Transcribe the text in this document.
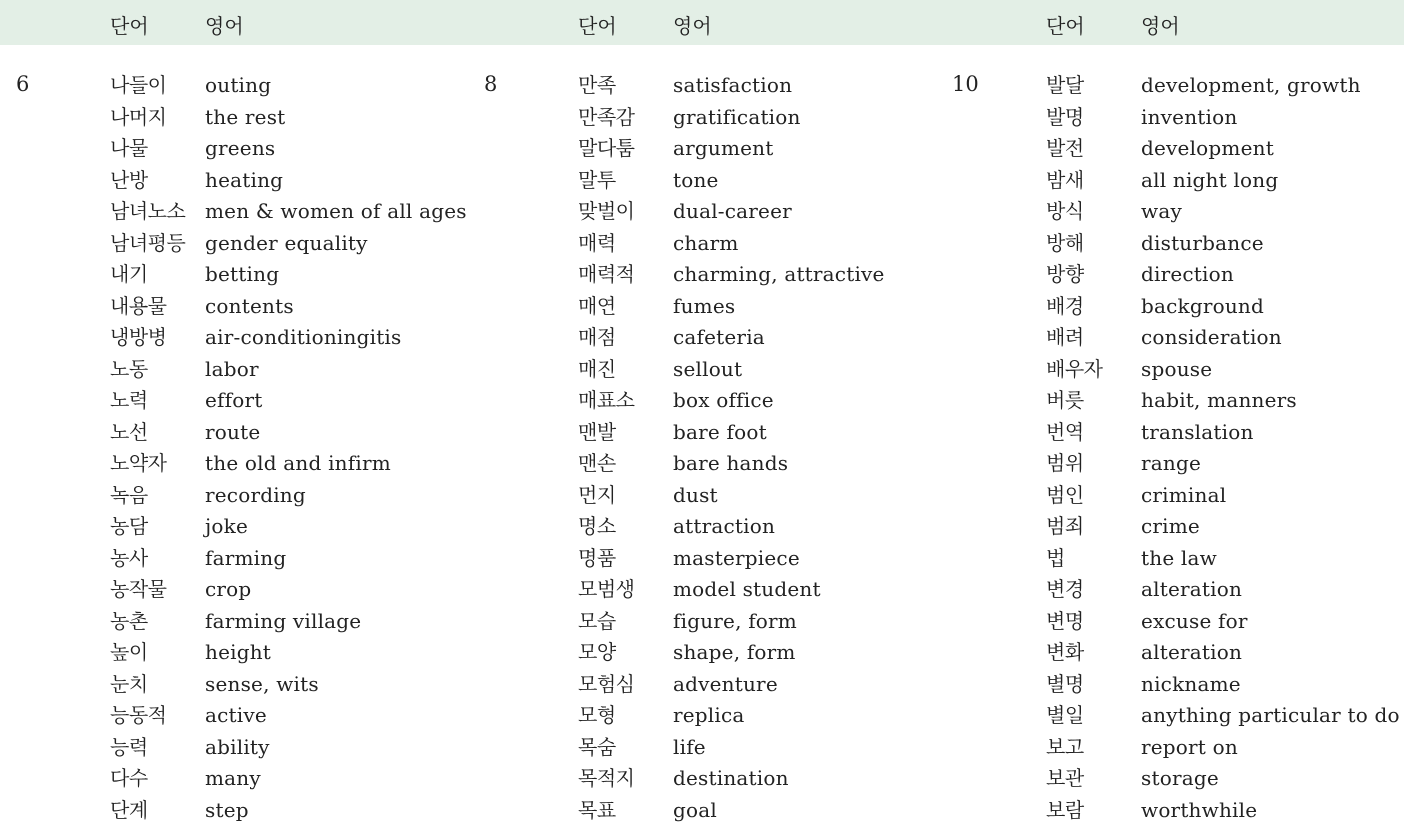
단어	영어
6	나들이 outing
나머지 the rest
나물	greens
난방	heating
남녀노소 men & women of all ages
남녀평등 gender equality
내기	betting
내용물 contents
냉방병 air-conditioningitis
노동	labor
노력	effort
노선	route
노약자 the old and infirm
녹음	recording
농담	joke
농사	farming
농작물 crop
농촌	farming village
높이	height
눈치	sense, wits
능동적 active
능력	ability
다수	many
단계	step
단어	영어
8	만족	satisfaction
만족감 gratification
말다툼 argument
말투	tone
맞벌이 dual-career
매력	charm
매력적 charming, attractive
매연	fumes
매점	cafeteria
매진	sellout
매표소 box office
맨발	bare foot
맨손	bare hands
먼지	dust
명소	attraction
명품	masterpiece
모범생 model student
모습	figure, form
모양	shape, form
모험심 adventure
모형	replica
목숨	life
목적지 destination
목표	goal
단어	영어
10	발달	development, growth
발명	invention
발전	development
밤새	all night long
방식	way
방해	disturbance
방향	direction
배경	background
배려	consideration
배우자 spouse
버릇	habit, manners
번역	translation
범위	range
범인	criminal
범죄	crime
법	the law
변경	alteration
변명	excuse for
변화	alteration
별명	nickname
별일	anything particular to do
보고	report on
보관	storage
보람	worthwhile
